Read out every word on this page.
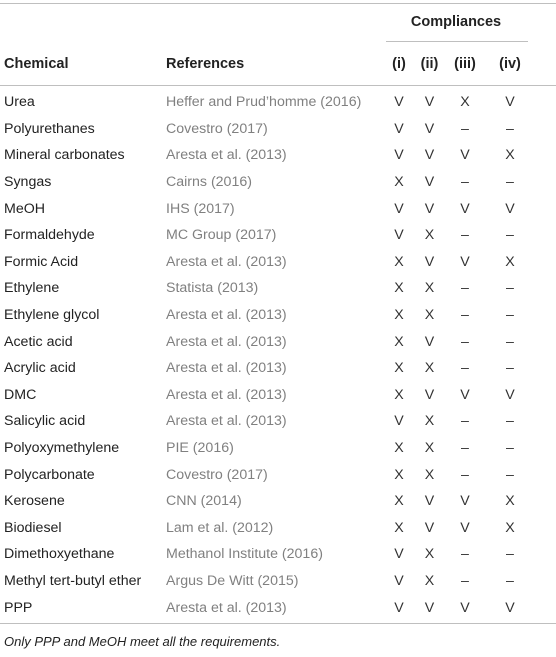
Compliances
Chemical	References	(i)	(ii)	(iii)	(iv)
Urea	Heffer and Prud’homme (2016)	V	V	X	V
Polyurethanes	Covestro (2017)	V	V	–	–
Mineral carbonates	Aresta et al. (2013)	V	V	V	X
Syngas	Cairns (2016)	X	V	–	–
MeOH	IHS (2017)	V	V	V	V
Formaldehyde	MC Group (2017)	V	X	–	–
Formic Acid	Aresta et al. (2013)	X	V	V	X
Ethylene	Statista (2013)	X	X	–	–
Ethylene glycol	Aresta et al. (2013)	X	X	–	–
Acetic acid	Aresta et al. (2013)	X	V	–	–
Acrylic acid	Aresta et al. (2013)	X	X	–	–
DMC	Aresta et al. (2013)	X	V	V	V
Salicylic acid	Aresta et al. (2013)	V	X	–	–
Polyoxymethylene	PIE (2016)	X	X	–	–
Polycarbonate	Covestro (2017)	X	X	–	–
Kerosene	CNN (2014)	X	V	V	X
Biodiesel	Lam et al. (2012)	X	V	V	X
Dimethoxyethane	Methanol Institute (2016)	V	X	–	–
Methyl tert-butyl ether	Argus De Witt (2015)	V	X	–	–
PPP	Aresta et al. (2013)	V	V	V	V
Only PPP and MeOH meet all the requirements.
